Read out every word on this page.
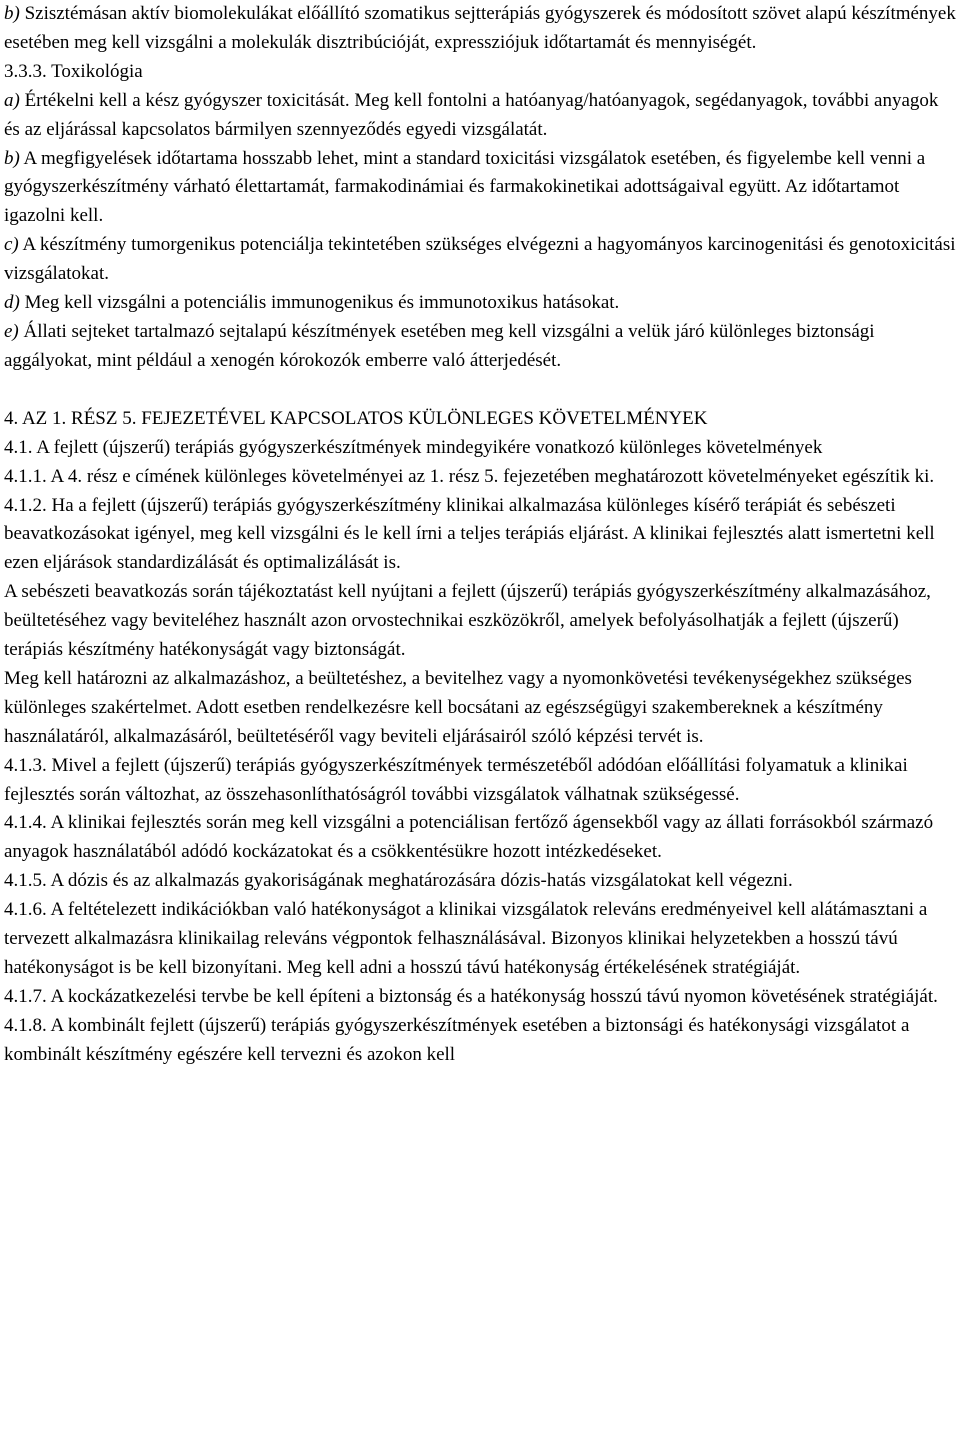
b) Szisztémásan aktív biomolekulákat előállító szomatikus sejtterápiás gyógyszerek és módosított szövet alapú készítmények esetében meg kell vizsgálni a molekulák disztribúcióját, expressziójuk időtartamát és mennyiségét.

3.3.3. Toxikológia

a) Értékelni kell a kész gyógyszer toxicitását. Meg kell fontolni a hatóanyag/hatóanyagok, segédanyagok, további anyagok és az eljárással kapcsolatos bármilyen szennyeződés egyedi vizsgálatát.

b) A megfigyelések időtartama hosszabb lehet, mint a standard toxicitási vizsgálatok esetében, és figyelembe kell venni a gyógyszerkészítmény várható élettartamát, farmakodinámiai és farmakokinetikai adottságaival együtt. Az időtartamot igazolni kell.

c) A készítmény tumorgenikus potenciálja tekintetében szükséges elvégezni a hagyományos karcinogenitási és genotoxicitási vizsgálatokat.

d) Meg kell vizsgálni a potenciális immunogenikus és immunotoxikus hatásokat.

e) Állati sejteket tartalmazó sejtalapú készítmények esetében meg kell vizsgálni a velük járó különleges biztonsági aggályokat, mint például a xenogén kórokozók emberre való átterjedését.

4. AZ 1. RÉSZ 5. FEJEZETÉVEL KAPCSOLATOS KÜLÖNLEGES KÖVETELMÉNYEK

4.1. A fejlett (újszerű) terápiás gyógyszerkészítmények mindegyikére vonatkozó különleges követelmények

4.1.1. A 4. rész e címének különleges követelményei az 1. rész 5. fejezetében meghatározott követelményeket egészítik ki.

4.1.2. Ha a fejlett (újszerű) terápiás gyógyszerkészítmény klinikai alkalmazása különleges kísérő terápiát és sebészeti beavatkozásokat igényel, meg kell vizsgálni és le kell írni a teljes terápiás eljárást. A klinikai fejlesztés alatt ismertetni kell ezen eljárások standardizálását és optimalizálását is.

A sebészeti beavatkozás során tájékoztatást kell nyújtani a fejlett (újszerű) terápiás gyógyszerkészítmény alkalmazásához, beültetéséhez vagy beviteléhez használt azon orvostechnikai eszközökről, amelyek befolyásolhatják a fejlett (újszerű) terápiás készítmény hatékonyságát vagy biztonságát.

Meg kell határozni az alkalmazáshoz, a beültetéshez, a bevitelhez vagy a nyomonkövetési tevékenységekhez szükséges különleges szakértelmet. Adott esetben rendelkezésre kell bocsátani az egészségügyi szakembereknek a készítmény használatáról, alkalmazásáról, beültetéséről vagy beviteli eljárásairól szóló képzési tervét is.

4.1.3. Mivel a fejlett (újszerű) terápiás gyógyszerkészítmények természetéből adódóan előállítási folyamatuk a klinikai fejlesztés során változhat, az összehasonlíthatóságról további vizsgálatok válhatnak szükségessé.

4.1.4. A klinikai fejlesztés során meg kell vizsgálni a potenciálisan fertőző ágensekből vagy az állati forrásokból származó anyagok használatából adódó kockázatokat és a csökkentésükre hozott intézkedéseket.

4.1.5. A dózis és az alkalmazás gyakoriságának meghatározására dózis-hatás vizsgálatokat kell végezni.

4.1.6. A feltételezett indikációkban való hatékonyságot a klinikai vizsgálatok releváns eredményeivel kell alátámasztani a tervezett alkalmazásra klinikailag releváns végpontok felhasználásával. Bizonyos klinikai helyzetekben a hosszú távú hatékonyságot is be kell bizonyítani. Meg kell adni a hosszú távú hatékonyság értékelésének stratégiáját.

4.1.7. A kockázatkezelési tervbe be kell építeni a biztonság és a hatékonyság hosszú távú nyomon követésének stratégiáját.

4.1.8. A kombinált fejlett (újszerű) terápiás gyógyszerkészítmények esetében a biztonsági és hatékonysági vizsgálatot a kombinált készítmény egészére kell tervezni és azokon kell
